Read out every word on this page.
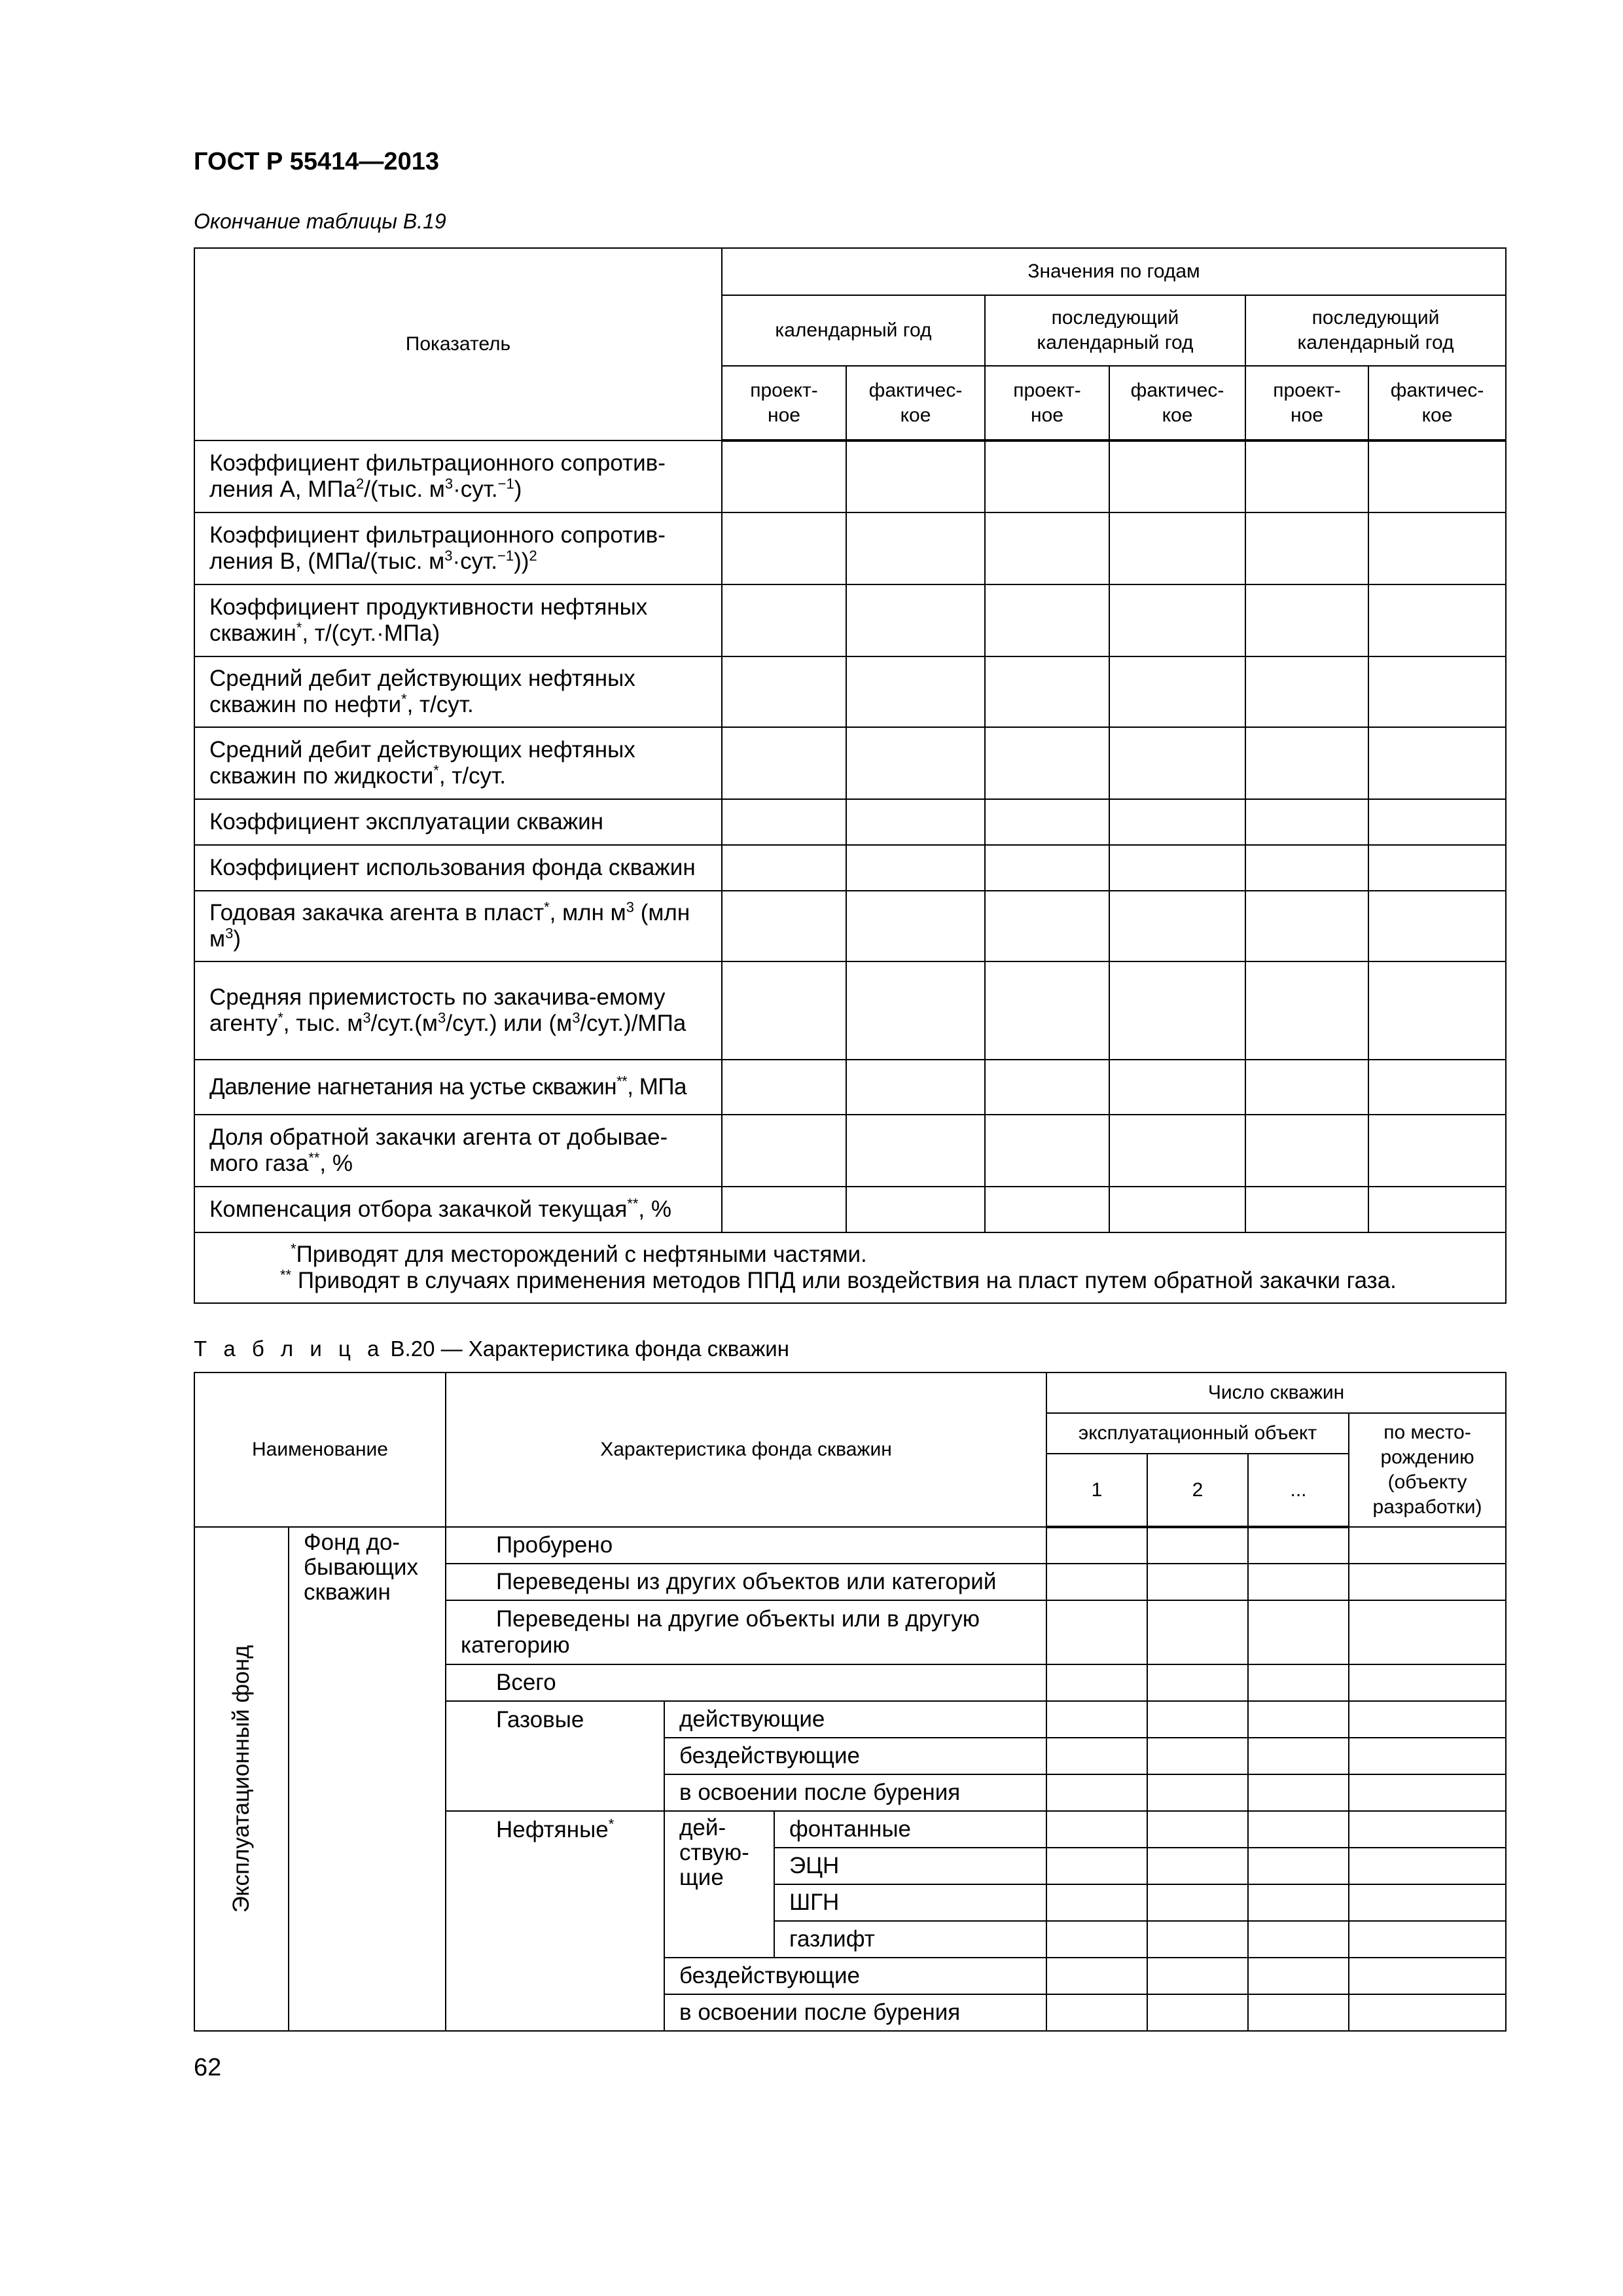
ГОСТ Р 55414—2013
Окончание таблицы В.19
Показатель	Значения по годам					
	календарный год		последующий календарный год		последующий календарный год	
	проект-ное	фактичес-кое	проект-ное	фактичес-кое	проект-ное	фактичес-кое
Коэффициент фильтрационного сопротив-ления А, МПа$^2$/(тыс. $м^3\cdot сут.^{-1}$)						
Коэффициент фильтрационного сопротив-ления В, (МПа/(тыс. $м^3\cdot сут.^{-1}))^2$						
Коэффициент продуктивности нефтяных скважин*, т/(сут.·МПа)						
Средний дебит действующих нефтяных скважин по нефти*, т/сут.						
Средний дебит действующих нефтяных скважин по жидкости*, т/сут.						
Коэффициент эксплуатации скважин						
Коэффициент использования фонда скважин						
Годовая закачка агента в пласт*, млн $м^3$ (млн $м^3$)						
Средняя приемистость по закачива-емому агенту*, тыс. $м^3/сут.(м^3/сут.)$ или $(м^3/сут.)$/МПа						
Давление нагнетания на устье скважин**, МПа						
Доля обратной закачки агента от добывае-мого газа**, %						
Компенсация отбора закачкой текущая**, %						

*Приводят для месторождений с нефтяными частями.
** Приводят в случаях применения методов ППД или воздействия на пласт путем обратной закачки газа.						
Т а б л и ц а В.20 — Характеристика фонда скважин
Наименование		Характеристика фонда скважин			Число скважин			
					эксплуатационный объект			по место-рождению (объекту разработки)
					1	2	...	

Эксплуатационный фонд	Фонд до-бывающих скважин	Пробурено						
		Переведены из других объектов или категорий						
		Переведены на другие объекты или в другую категорию						
		Всего						
		Газовые	действующие					
			бездействующие					
			в освоении после бурения					
		Нефтяные*	дей-ствую-щие	фонтанные				
				ЭЦН				
				ШГН				
				газлифт				
			бездействующие					
			в освоении после бурения					
62
